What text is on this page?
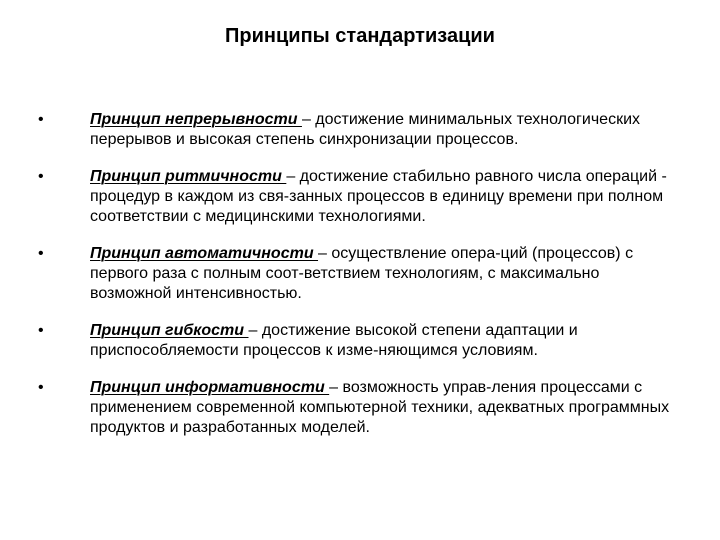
Принципы стандартизации
•	Принцип непрерывности – достижение минимальных технологических перерывов и высокая степень синхронизации процессов.
•	Принцип ритмичности – достижение стабильно равного числа операций - процедур в каждом из свя-занных процессов в единицу времени при полном соответствии с медицинскими технологиями.
•	Принцип автоматичности – осуществление опера-ций (процессов) с первого раза с полным соот-ветствием технологиям, с максимально возможной интенсивностью.
•	Принцип гибкости – достижение высокой степени адаптации и приспособляемости процессов к изме-няющимся условиям.
•	Принцип информативности – возможность управ-ления процессами с применением современной компьютерной техники, адекватных программных продуктов и разработанных моделей.
